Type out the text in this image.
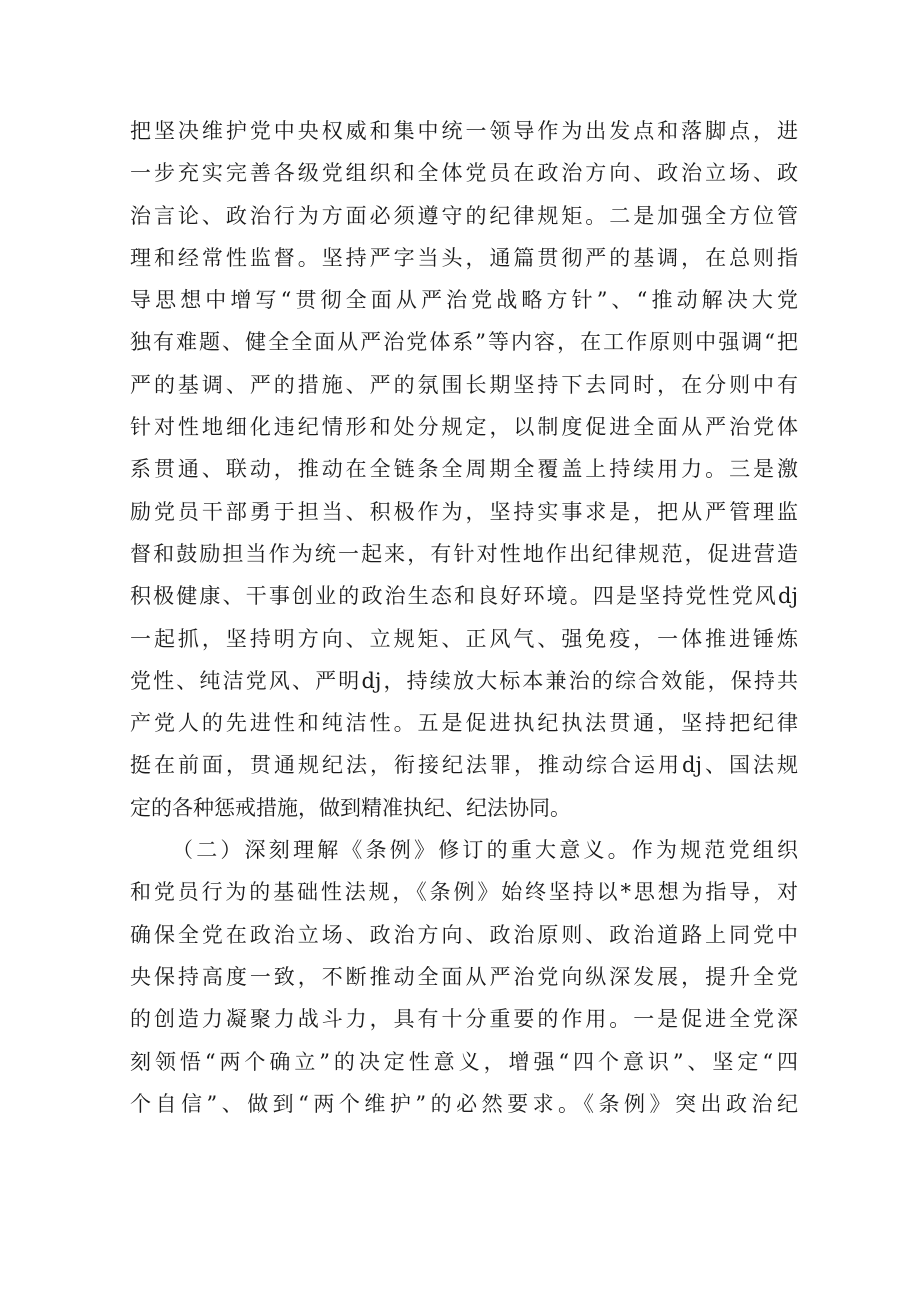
把坚决维护党中央权威和集中统一领导作为出发点和落脚点，进
一步充实完善各级党组织和全体党员在政治方向、政治立场、政
治言论、政治行为方面必须遵守的纪律规矩。二是加强全方位管
理和经常性监督。坚持严字当头，通篇贯彻严的基调，在总则指
导思想中增写“贯彻全面从严治党战略方针”、“推动解决大党
独有难题、健全全面从严治党体系”等内容，在工作原则中强调“把
严的基调、严的措施、严的氛围长期坚持下去同时，在分则中有
针对性地细化违纪情形和处分规定，以制度促进全面从严治党体
系贯通、联动，推动在全链条全周期全覆盖上持续用力。三是激
励党员干部勇于担当、积极作为，坚持实事求是，把从严管理监
督和鼓励担当作为统一起来，有针对性地作出纪律规范，促进营造
积极健康、干事创业的政治生态和良好环境。四是坚持党性党风dj
一起抓，坚持明方向、立规矩、正风气、强免疫，一体推进锤炼
党性、纯洁党风、严明dj，持续放大标本兼治的综合效能，保持共
产党人的先进性和纯洁性。五是促进执纪执法贯通，坚持把纪律
挺在前面，贯通规纪法，衔接纪法罪，推动综合运用dj、国法规
定的各种惩戒措施，做到精准执纪、纪法协同。
（二）深刻理解《条例》修订的重大意义。作为规范党组织
和党员行为的基础性法规，《条例》始终坚持以*思想为指导，对
确保全党在政治立场、政治方向、政治原则、政治道路上同党中
央保持高度一致，不断推动全面从严治党向纵深发展，提升全党
的创造力凝聚力战斗力，具有十分重要的作用。一是促进全党深
刻领悟“两个确立”的决定性意义，增强“四个意识”、坚定“四
个自信”、做到“两个维护”的必然要求。《条例》突出政治纪
